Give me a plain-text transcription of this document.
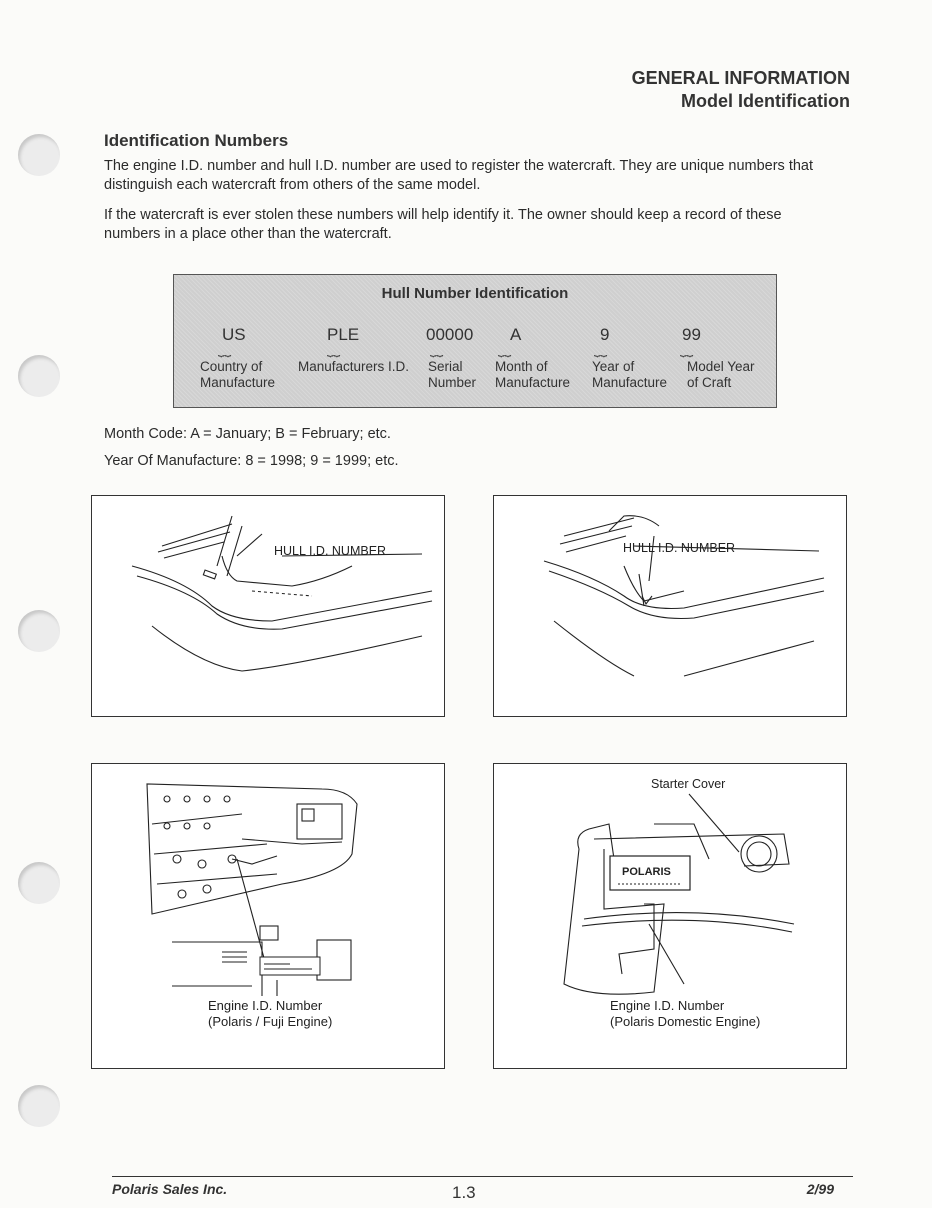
GENERAL INFORMATION
Model Identification
Identification Numbers
The engine I.D. number and hull I.D. number are used to register the watercraft. They are unique numbers that
distinguish each watercraft from others of the same model.
If the watercraft is ever stolen these numbers will help identify it. The owner should keep a record of these
numbers in a place other than the watercraft.
Hull Number Identification
US
⏟⏟
Country of
Manufacture
PLE
⏟⏟
Manufacturers I.D.
00000
⏟⏟
Serial
Number
A
⏟⏟
Month of
Manufacture
9
⏟⏟
Year of
Manufacture
99
⏟⏟
Model Year
of Craft
Month Code: A = January; B = February; etc.
Year Of Manufacture: 8 = 1998; 9 = 1999; etc.
HULL I.D. NUMBER	HULL I.D. NUMBER
Engine I.D. Number
(Polaris / Fuji Engine)
POLARIS
Starter Cover
Engine I.D. Number
(Polaris Domestic Engine)
Polaris Sales Inc.	1.3	2/99
